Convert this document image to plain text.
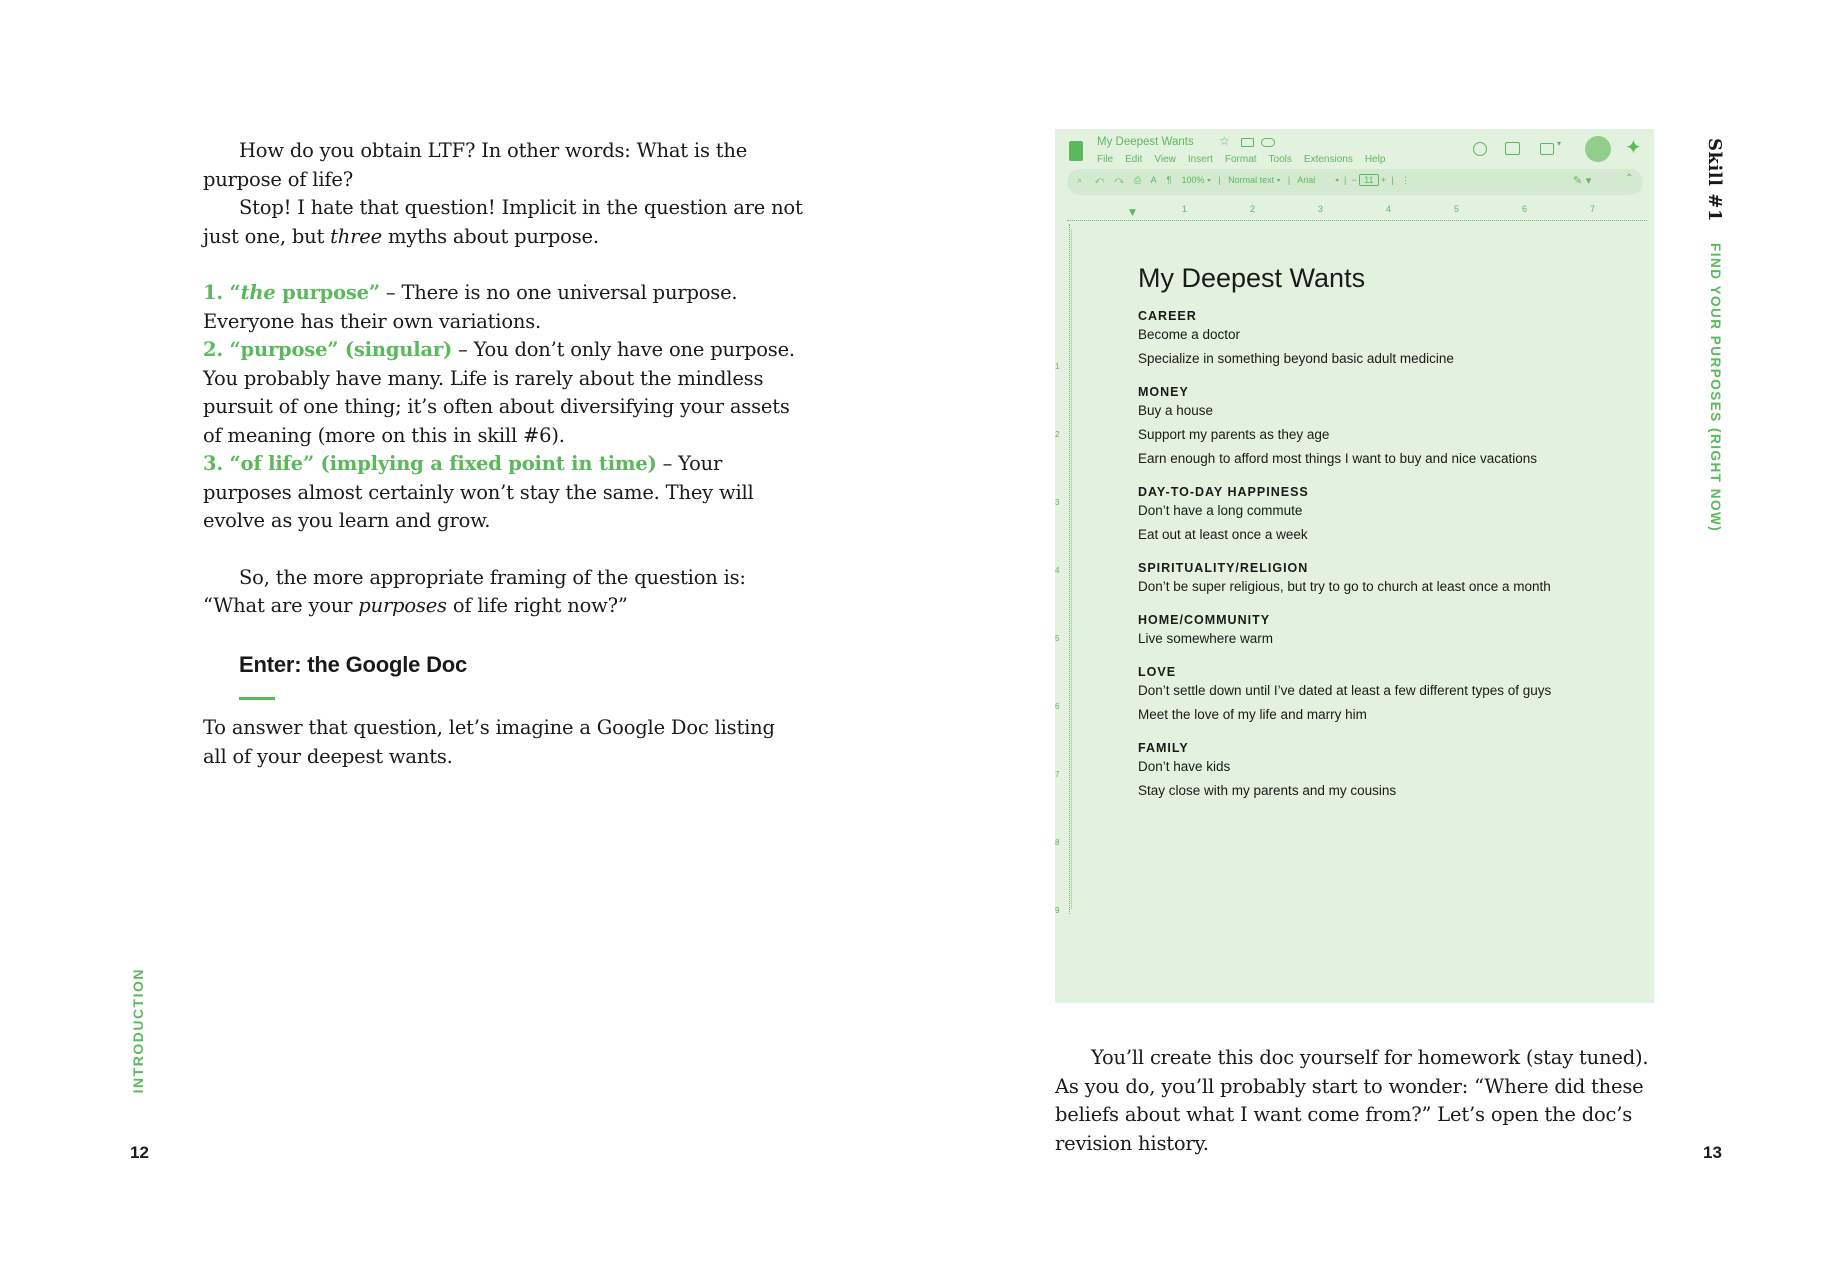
How do you obtain LTF? In other words: What is the purpose of life?

Stop! I hate that question! Implicit in the question are not just one, but three myths about purpose.

1. “the purpose” – There is no one universal purpose. Everyone has their own variations.

2. “purpose” (singular) – You don’t only have one purpose. You probably have many. Life is rarely about the mindless pursuit of one thing; it’s often about diversifying your assets of meaning (more on this in skill #6).

3. “of life” (implying a fixed point in time) – Your purposes almost certainly won’t stay the same. They will evolve as you learn and grow.

So, the more appropriate framing of the question is: “What are your purposes of life right now?”

Enter: the Google Doc

To answer that question, let’s imagine a Google Doc listing all of your deepest wants.

INTRODUCTION
12
My Deepest Wants ☆
File Edit View Insert Format Tools Extensions Help
▾	✦
⌕ ↶ ↷ ⎙ A ¶ 100% ▾   |   Normal text ▾   |   Arial        ▾  |  − 11 +  |   ⋮	✎ ▾	⌃
1	2	3	4	5	6	7
▼
1
2
3
4
5
6
7
8
9
My Deepest Wants
CAREER
Become a doctor
Specialize in something beyond basic adult medicine
MONEY
Buy a house
Support my parents as they age
Earn enough to afford most things I want to buy and nice vacations
DAY-TO-DAY HAPPINESS
Don’t have a long commute
Eat out at least once a week
SPIRITUALITY/RELIGION
Don’t be super religious, but try to go to church at least once a month
HOME/COMMUNITY
Live somewhere warm
LOVE
Don’t settle down until I’ve dated at least a few different types of guys
Meet the love of my life and marry him
FAMILY
Don’t have kids
Stay close with my parents and my cousins
You’ll create this doc yourself for homework (stay tuned). As you do, you’ll probably start to wonder: “Where did these beliefs about what I want come from?” Let’s open the doc’s revision history.
Skill #1
FIND YOUR PURPOSES (RIGHT NOW)
13
